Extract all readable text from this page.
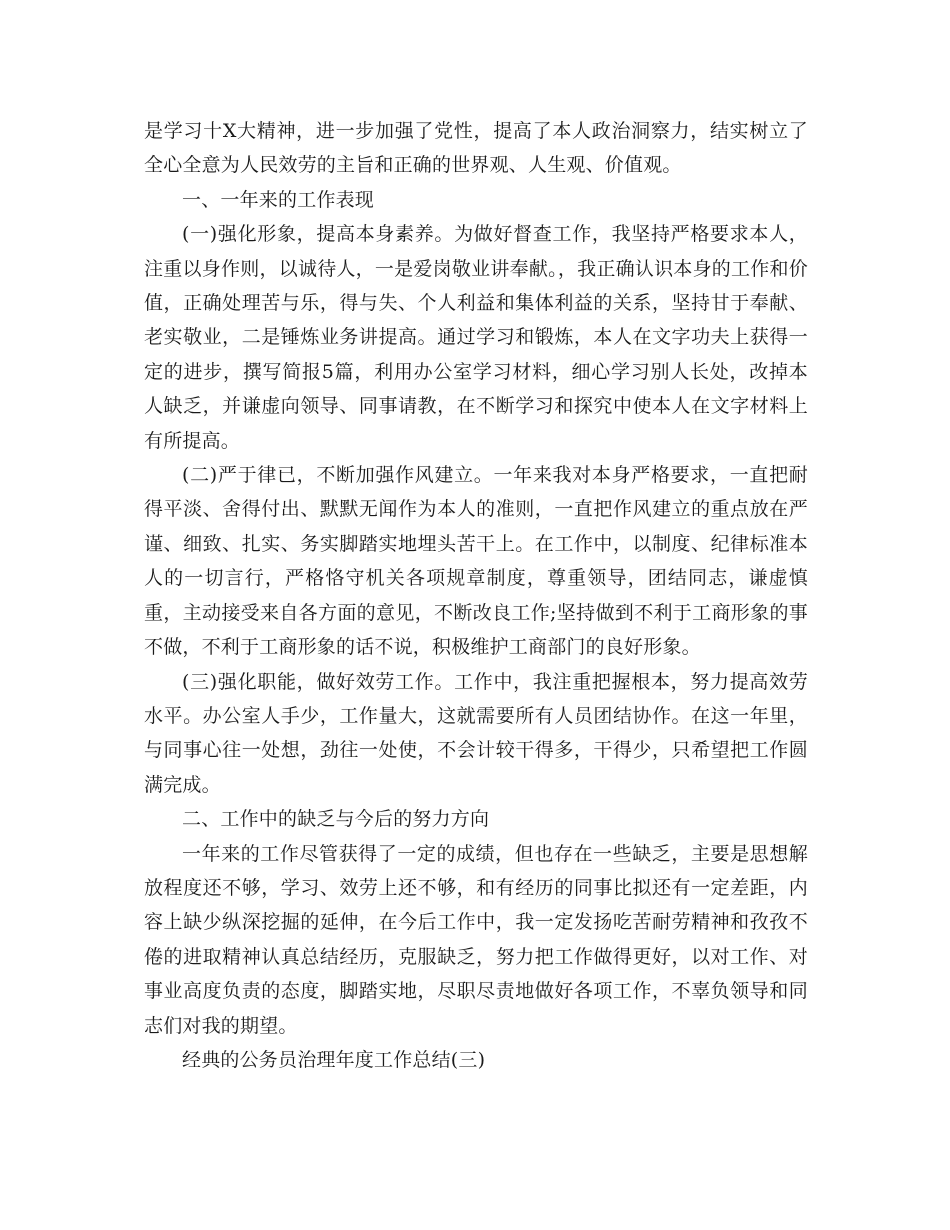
是学习十X大精神，进一步加强了党性，提高了本人政治洞察力，结实树立了全心全意为人民效劳的主旨和正确的世界观、人生观、价值观。

一、一年来的工作表现

(一)强化形象，提高本身素养。为做好督查工作，我坚持严格要求本人，注重以身作则，以诚待人，一是爱岗敬业讲奉献。，我正确认识本身的工作和价值，正确处理苦与乐，得与失、个人利益和集体利益的关系，坚持甘于奉献、老实敬业，二是锤炼业务讲提高。通过学习和锻炼，本人在文字功夫上获得一定的进步，撰写简报5篇，利用办公室学习材料，细心学习别人长处，改掉本人缺乏，并谦虚向领导、同事请教，在不断学习和探究中使本人在文字材料上有所提高。

(二)严于律已，不断加强作风建立。一年来我对本身严格要求，一直把耐得平淡、舍得付出、默默无闻作为本人的准则，一直把作风建立的重点放在严谨、细致、扎实、务实脚踏实地埋头苦干上。在工作中，以制度、纪律标准本人的一切言行，严格恪守机关各项规章制度，尊重领导，团结同志，谦虚慎重，主动接受来自各方面的意见，不断改良工作;坚持做到不利于工商形象的事不做，不利于工商形象的话不说，积极维护工商部门的良好形象。

(三)强化职能，做好效劳工作。工作中，我注重把握根本，努力提高效劳水平。办公室人手少，工作量大，这就需要所有人员团结协作。在这一年里，与同事心往一处想，劲往一处使，不会计较干得多，干得少，只希望把工作圆满完成。

二、工作中的缺乏与今后的努力方向

一年来的工作尽管获得了一定的成绩，但也存在一些缺乏，主要是思想解放程度还不够，学习、效劳上还不够，和有经历的同事比拟还有一定差距，内容上缺少纵深挖掘的延伸，在今后工作中，我一定发扬吃苦耐劳精神和孜孜不倦的进取精神认真总结经历，克服缺乏，努力把工作做得更好，以对工作、对事业高度负责的态度，脚踏实地，尽职尽责地做好各项工作，不辜负领导和同志们对我的期望。

经典的公务员治理年度工作总结(三)
